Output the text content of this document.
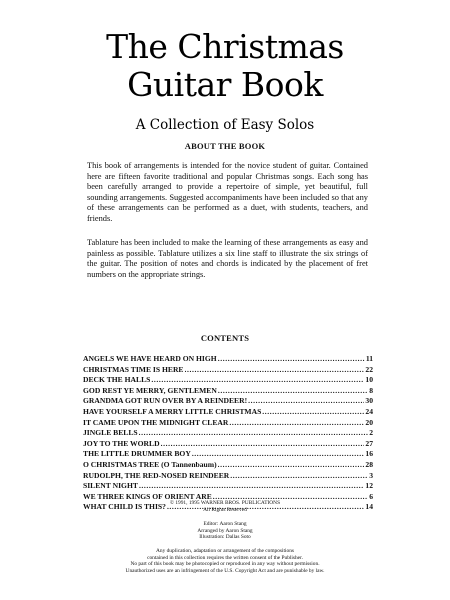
The Christmas
Guitar Book
A Collection of Easy Solos
ABOUT THE BOOK

This book of arrangements is intended for the novice student of guitar. Contained here are fifteen favorite traditional and popular Christmas songs. Each song has been carefully arranged to provide a repertoire of simple, yet beautiful, full sounding arrangements. Suggested accompaniments have been included so that any of these arrangements can be performed as a duet, with students, teachers, and friends.

Tablature has been included to make the learning of these arrangements as easy and painless as possible. Tablature utilizes a six line staff to illustrate the six strings of the guitar. The position of notes and chords is indicated by the placement of fret numbers on the appropriate strings.

CONTENTS
ANGELS WE HAVE HEARD ON HIGH .....	11
CHRISTMAS TIME IS HERE .....	22
DECK THE HALLS .....	10
GOD REST YE MERRY, GENTLEMEN .....	8
GRANDMA GOT RUN OVER BY A REINDEER! .....	30
HAVE YOURSELF A MERRY LITTLE CHRISTMAS .....	24
IT CAME UPON THE MIDNIGHT CLEAR .....	20
JINGLE BELLS .....	2
JOY TO THE WORLD .....	27
THE LITTLE DRUMMER BOY .....	16
O CHRISTMAS TREE (O Tannenbaum) .....	28
RUDOLPH, THE RED-NOSED REINDEER .....	3
SILENT NIGHT .....	12
WE THREE KINGS OF ORIENT ARE .....	6
WHAT CHILD IS THIS? .....	14
© 1991, 1995 WARNER BROS. PUBLICATIONS
All Rights Reserved
Editor: Aaron Stang
Arranged by Aaron Stang
Illustration: Dallas Soto
Any duplication, adaptation or arrangement of the compositions
contained in this collection requires the written consent of the Publisher.
No part of this book may be photocopied or reproduced in any way without permission.
Unauthorized uses are an infringement of the U.S. Copyright Act and are punishable by law.
